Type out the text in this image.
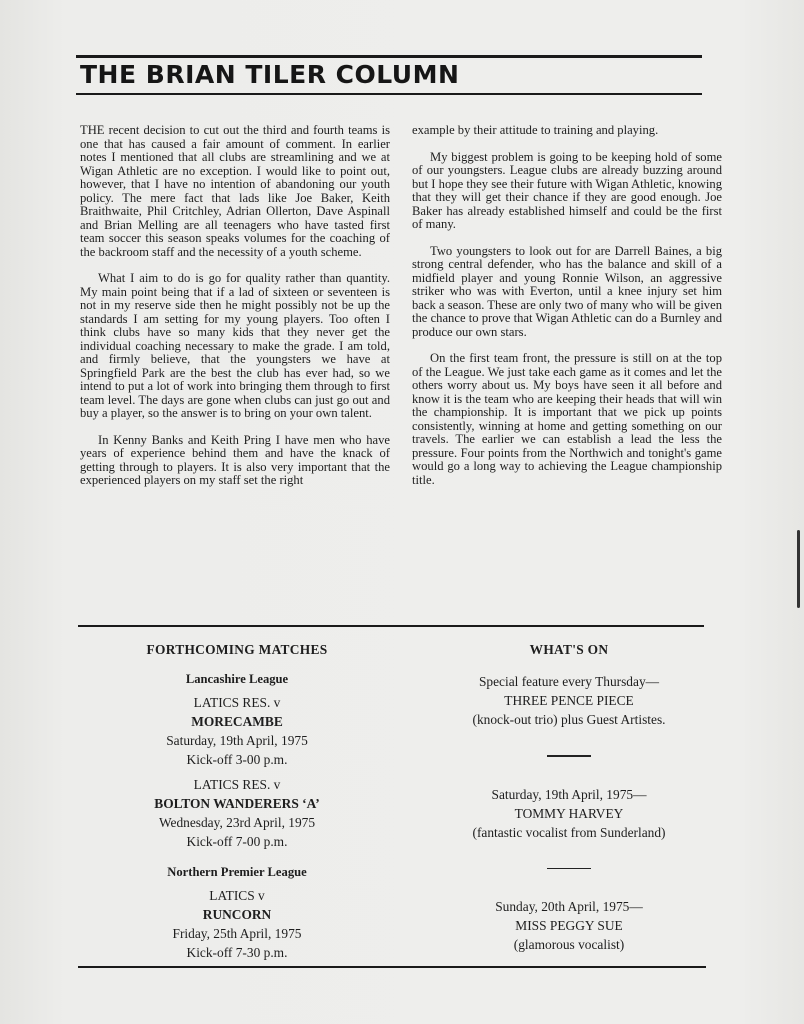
THE BRIAN TILER COLUMN

THE recent decision to cut out the third and fourth teams is one that has caused a fair amount of comment. In earlier notes I mentioned that all clubs are streamlining and we at Wigan Athletic are no exception. I would like to point out, however, that I have no intention of abandoning our youth policy. The mere fact that lads like Joe Baker, Keith Braithwaite, Phil Critchley, Adrian Ollerton, Dave Aspinall and Brian Melling are all teenagers who have tasted first team soccer this season speaks volumes for the coaching of the backroom staff and the necessity of a youth scheme.

What I aim to do is go for quality rather than quantity. My main point being that if a lad of sixteen or seventeen is not in my reserve side then he might possibly not be up the standards I am setting for my young players. Too often I think clubs have so many kids that they never get the individual coaching necessary to make the grade. I am told, and firmly believe, that the youngsters we have at Springfield Park are the best the club has ever had, so we intend to put a lot of work into bringing them through to first team level. The days are gone when clubs can just go out and buy a player, so the answer is to bring on your own talent.

In Kenny Banks and Keith Pring I have men who have years of experience behind them and have the knack of getting through to players. It is also very important that the experienced players on my staff set the right

example by their attitude to training and playing.

My biggest problem is going to be keeping hold of some of our youngsters. League clubs are already buzzing around but I hope they see their future with Wigan Athletic, knowing that they will get their chance if they are good enough. Joe Baker has already established himself and could be the first of many.

Two youngsters to look out for are Darrell Baines, a big strong central defender, who has the balance and skill of a midfield player and young Ronnie Wilson, an aggressive striker who was with Everton, until a knee injury set him back a season. These are only two of many who will be given the chance to prove that Wigan Athletic can do a Burnley and produce our own stars.

On the first team front, the pressure is still on at the top of the League. We just take each game as it comes and let the others worry about us. My boys have seen it all before and know it is the team who are keeping their heads that will win the championship. It is important that we pick up points consistently, winning at home and getting something on our travels. The earlier we can establish a lead the less the pressure. Four points from the Northwich and tonight's game would go a long way to achieving the League championship title.

FORTHCOMING MATCHES
Lancashire League
LATICS RES. v
MORECAMBE
Saturday, 19th April, 1975
Kick-off 3-00 p.m.
LATICS RES. v
BOLTON WANDERERS ‘A’
Wednesday, 23rd April, 1975
Kick-off 7-00 p.m.
Northern Premier League
LATICS v
RUNCORN
Friday, 25th April, 1975
Kick-off 7-30 p.m.
WHAT'S ON
Special feature every Thursday—
THREE PENCE PIECE
(knock-out trio) plus Guest Artistes.
Saturday, 19th April, 1975—
TOMMY HARVEY
(fantastic vocalist from Sunderland)
Sunday, 20th April, 1975—
MISS PEGGY SUE
(glamorous vocalist)
